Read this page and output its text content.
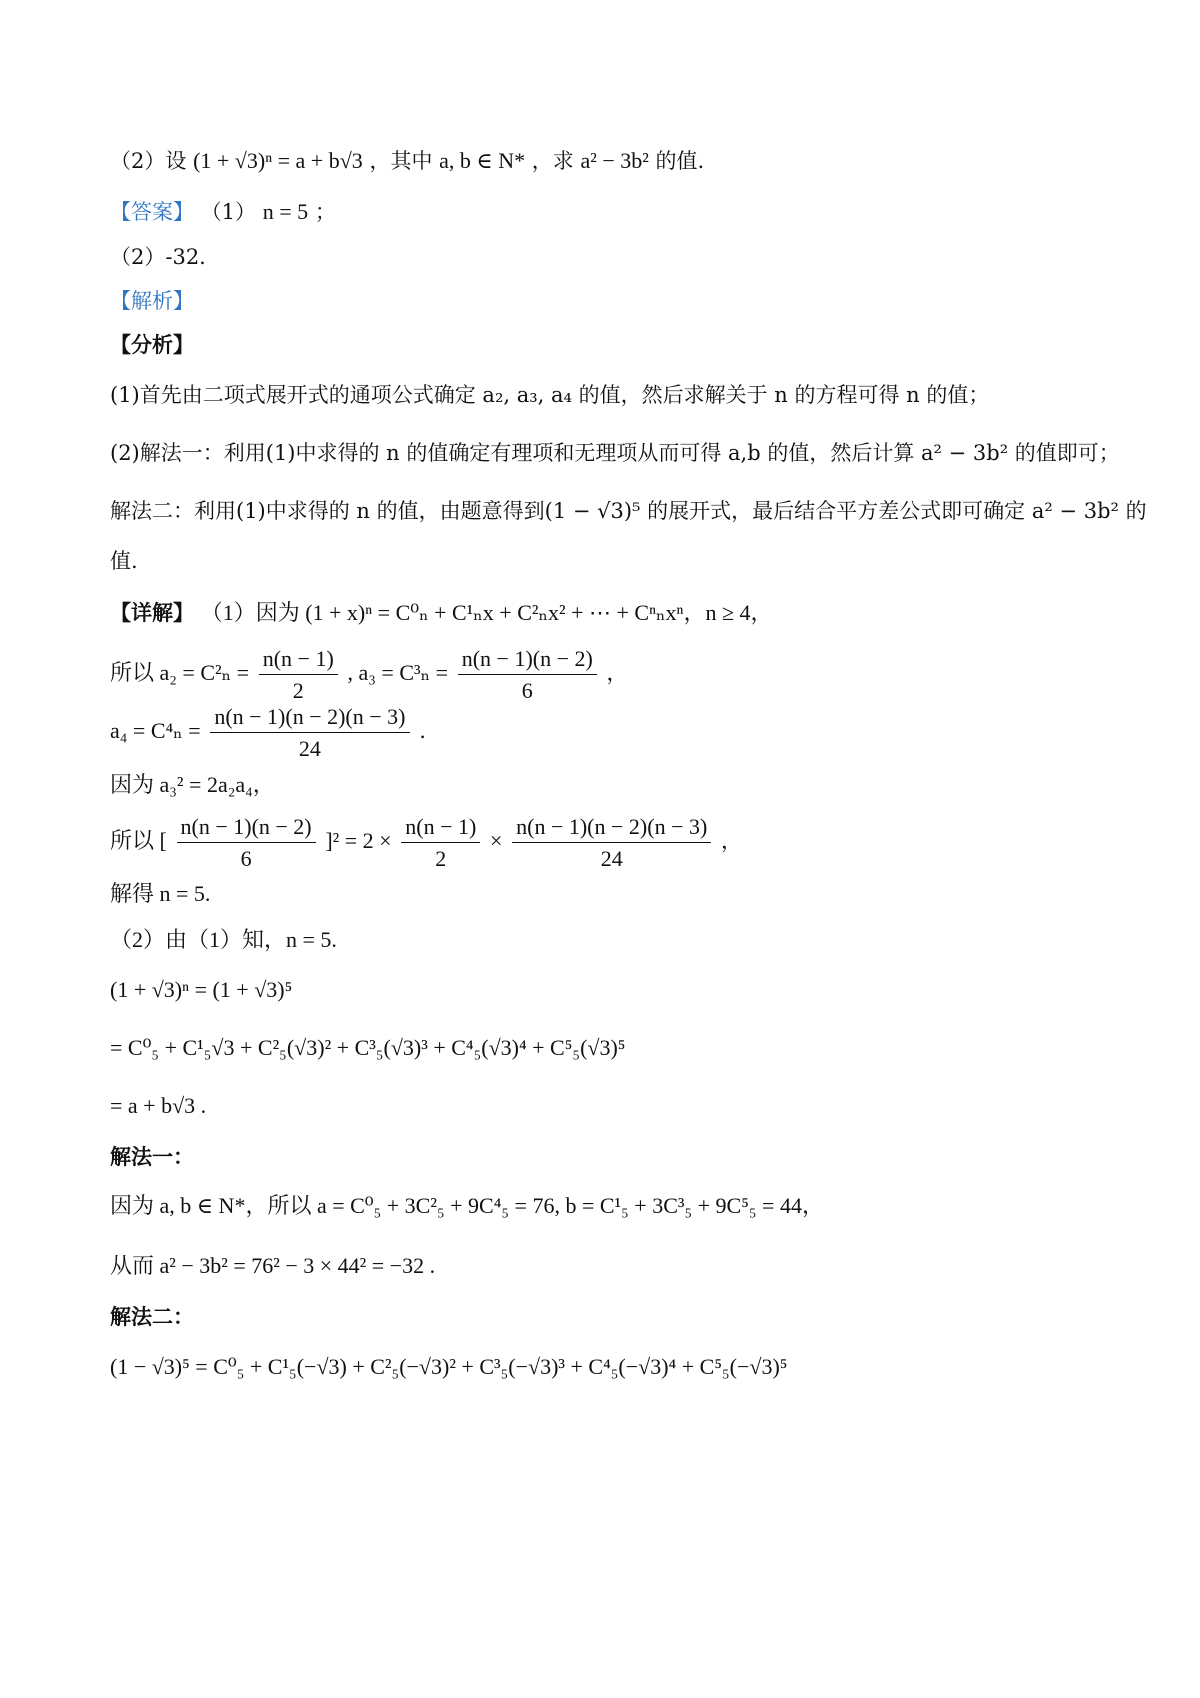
（2）设 (1 + √3)ⁿ = a + b√3 ，其中 a, b ∈ N* ，求 a² − 3b² 的值.
【答案】 （1） n = 5 ；
（2）-32.
【解析】
【分析】
(1)首先由二项式展开式的通项公式确定 a₂, a₃, a₄ 的值，然后求解关于 n 的方程可得 n 的值；
(2)解法一：利用(1)中求得的 n 的值确定有理项和无理项从而可得 a,b 的值，然后计算 a² − 3b² 的值即可；
解法二：利用(1)中求得的 n 的值，由题意得到(1 − √3)⁵ 的展开式，最后结合平方差公式即可确定 a² − 3b² 的
值.
【详解】 （1）因为 (1 + x)ⁿ = C⁰ₙ + C¹ₙx + C²ₙx² + ⋯ + Cⁿₙxⁿ，n ≥ 4，
所以 $a_2 = C^2_n = \frac{n(n - 1)}{2}$ , $a_3 = C^3_n = \frac{n(n - 1)(n - 2)}{6}$ ，
$a_4 = C^4_n = \frac{n(n - 1)(n - 2)(n - 3)}{24}$ .
因为 a₃² = 2a₂a₄，
所以 [ $\frac{n(n - 1)(n - 2)}{6} ]^2 = 2 \times \frac{n(n - 1)}{2} \times \frac{n(n - 1)(n - 2)(n - 3)}{24}$ ，
解得 n = 5.
（2）由（1）知，n = 5.
(1 + √3)ⁿ = (1 + √3)⁵
= C⁰₅ + C¹₅√3 + C²₅(√3)² + C³₅(√3)³ + C⁴₅(√3)⁴ + C⁵₅(√3)⁵
= a + b√3 .
解法一：
因为 a, b ∈ N*，所以 a = C⁰₅ + 3C²₅ + 9C⁴₅ = 76, b = C¹₅ + 3C³₅ + 9C⁵₅ = 44，
从而 a² − 3b² = 76² − 3 × 44² = −32 .
解法二：
(1 − √3)⁵ = C⁰₅ + C¹₅(−√3) + C²₅(−√3)² + C³₅(−√3)³ + C⁴₅(−√3)⁴ + C⁵₅(−√3)⁵
